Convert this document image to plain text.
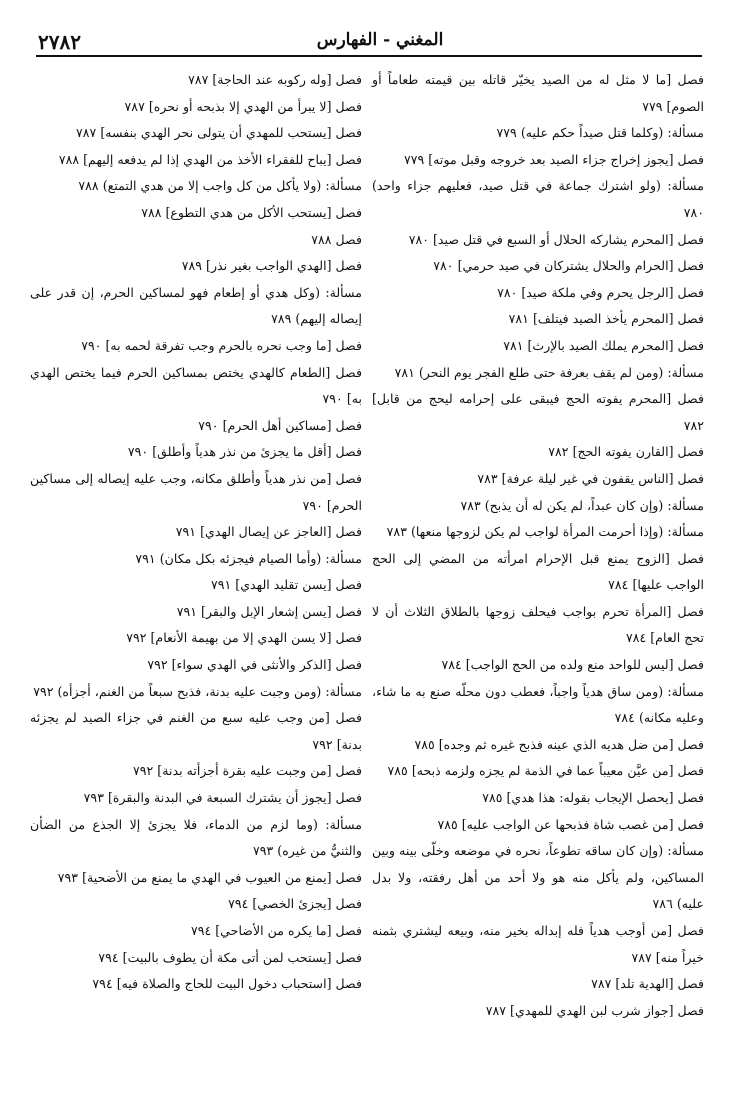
٢٧٨٢	المغني - الفهارس

فصل [ما لا مثل له من الصيد يخيّر قاتله بين قيمته طعاماً أو الصوم] ٧٧٩

مسألة: (وكلما قتل صيداً حكم عليه) ٧٧٩

فصل [يجوز إخراج جزاء الصيد بعد خروجه وقبل موته] ٧٧٩

مسألة: (ولو اشترك جماعة في قتل صيد، فعليهم جزاء واحد) ٧٨٠

فصل [المحرم يشاركه الحلال أو السبع في قتل صيد] ٧٨٠

فصل [الحرام والحلال يشتركان في صيد حرمي] ٧٨٠

فصل [الرجل يحرم وفي ملكة صيد] ٧٨٠

فصل [المحرم يأخذ الصيد فيتلف] ٧٨١

فصل [المحرم يملك الصيد بالإرث] ٧٨١

مسألة: (ومن لم يقف بعرفة حتى طلع الفجر يوم النحر) ٧٨١

فصل [المحرم يفوته الحج فيبقى على إحرامه ليحج من قابل] ٧٨٢

فصل [القارن يفوته الحج] ٧٨٢

فصل [الناس يقفون في غير ليلة عرفة] ٧٨٣

مسألة: (وإن كان عبداً، لم يكن له أن يذبح) ٧٨٣

مسألة: (وإذا أحرمت المرأة لواجب لم يكن لزوجها منعها) ٧٨٣

فصل [الزوج يمنع قبل الإحرام امرأته من المضي إلى الحج الواجب عليها] ٧٨٤

فصل [المرأة تحرم بواجب فيحلف زوجها بالطلاق الثلاث أن لا تحج العام] ٧٨٤

فصل [ليس للواحد منع ولده من الحج الواجب] ٧٨٤

مسألة: (ومن ساق هدياً واجباً، فعطب دون محلّه صنع به ما شاء، وعليه مكانه) ٧٨٤

فصل [من ضل هديه الذي عينه فذبح غيره ثم وجده] ٧٨٥

فصل [من عيَّن معيباً عما في الذمة لم يجزه ولزمه ذبحه] ٧٨٥

فصل [يحصل الإيجاب بقوله: هذا هدي] ٧٨٥

فصل [من غصب شاة فذبحها عن الواجب عليه] ٧٨٥

مسألة: (وإن كان ساقه تطوعاً، نحره في موضعه وخلّى بينه وبين المساكين، ولم يأكل منه هو ولا أحد من أهل رفقته، ولا بدل عليه) ٧٨٦

فصل [من أوجب هدياً فله إبداله بخير منه، وبيعه ليشتري بثمنه خيراً منه] ٧٨٧

فصل [الهدية تلد] ٧٨٧

فصل [جواز شرب لبن الهدي للمهدي] ٧٨٧

فصل [وله ركوبه عند الحاجة] ٧٨٧

فصل [لا يبرأ من الهدي إلا بذبحه أو نحره] ٧٨٧

فصل [يستحب للمهدي أن يتولى نحر الهدي بنفسه] ٧٨٧

فصل [يباح للفقراء الأخذ من الهدي إذا لم يدفعه إليهم] ٧٨٨

مسألة: (ولا يأكل من كل واجب إلا من هدي التمتع) ٧٨٨

فصل [يستحب الأكل من هدي التطوع] ٧٨٨

فصل ٧٨٨

فصل [الهدي الواجب بغير نذر] ٧٨٩

مسألة: (وكل هدي أو إطعام فهو لمساكين الحرم، إن قدر على إيصاله إليهم) ٧٨٩

فصل [ما وجب نحره بالحرم وجب تفرقة لحمه به] ٧٩٠

فصل [الطعام كالهدي يختص بمساكين الحرم فيما يختص الهدي به] ٧٩٠

فصل [مساكين أهل الحرم] ٧٩٠

فصل [أقل ما يجزئ من نذر هدياً وأطلق] ٧٩٠

فصل [من نذر هدياً وأطلق مكانه، وجب عليه إيصاله إلى مساكين الحرم] ٧٩٠

فصل [العاجز عن إيصال الهدي] ٧٩١

مسألة: (وأما الصيام فيجزئه بكل مكان) ٧٩١

فصل [يسن تقليد الهدي] ٧٩١

فصل [يسن إشعار الإبل والبقر] ٧٩١

فصل [لا يسن الهدي إلا من بهيمة الأنعام] ٧٩٢

فصل [الذكر والأنثى في الهدي سواء] ٧٩٢

مسألة: (ومن وجبت عليه بدنة، فذبح سبعاً من الغنم، أجزأه) ٧٩٢

فصل [من وجب عليه سبع من الغنم في جزاء الصيد لم يجزئه بدنة] ٧٩٢

فصل [من وجبت عليه بقرة أجزأته بدنة] ٧٩٢

فصل [يجوز أن يشترك السبعة في البدنة والبقرة] ٧٩٣

مسألة: (وما لزم من الدماء، فلا يجزئ إلا الجذع من الضأن والثنيُّ من غيره) ٧٩٣

فصل [يمنع من العيوب في الهدي ما يمنع من الأضحية] ٧٩٣

فصل [يجزئ الخصي] ٧٩٤

فصل [ما يكره من الأضاحي] ٧٩٤

فصل [يستحب لمن أتى مكة أن يطوف بالبيت] ٧٩٤

فصل [استحباب دخول البيت للحاج والصلاة فيه] ٧٩٤
